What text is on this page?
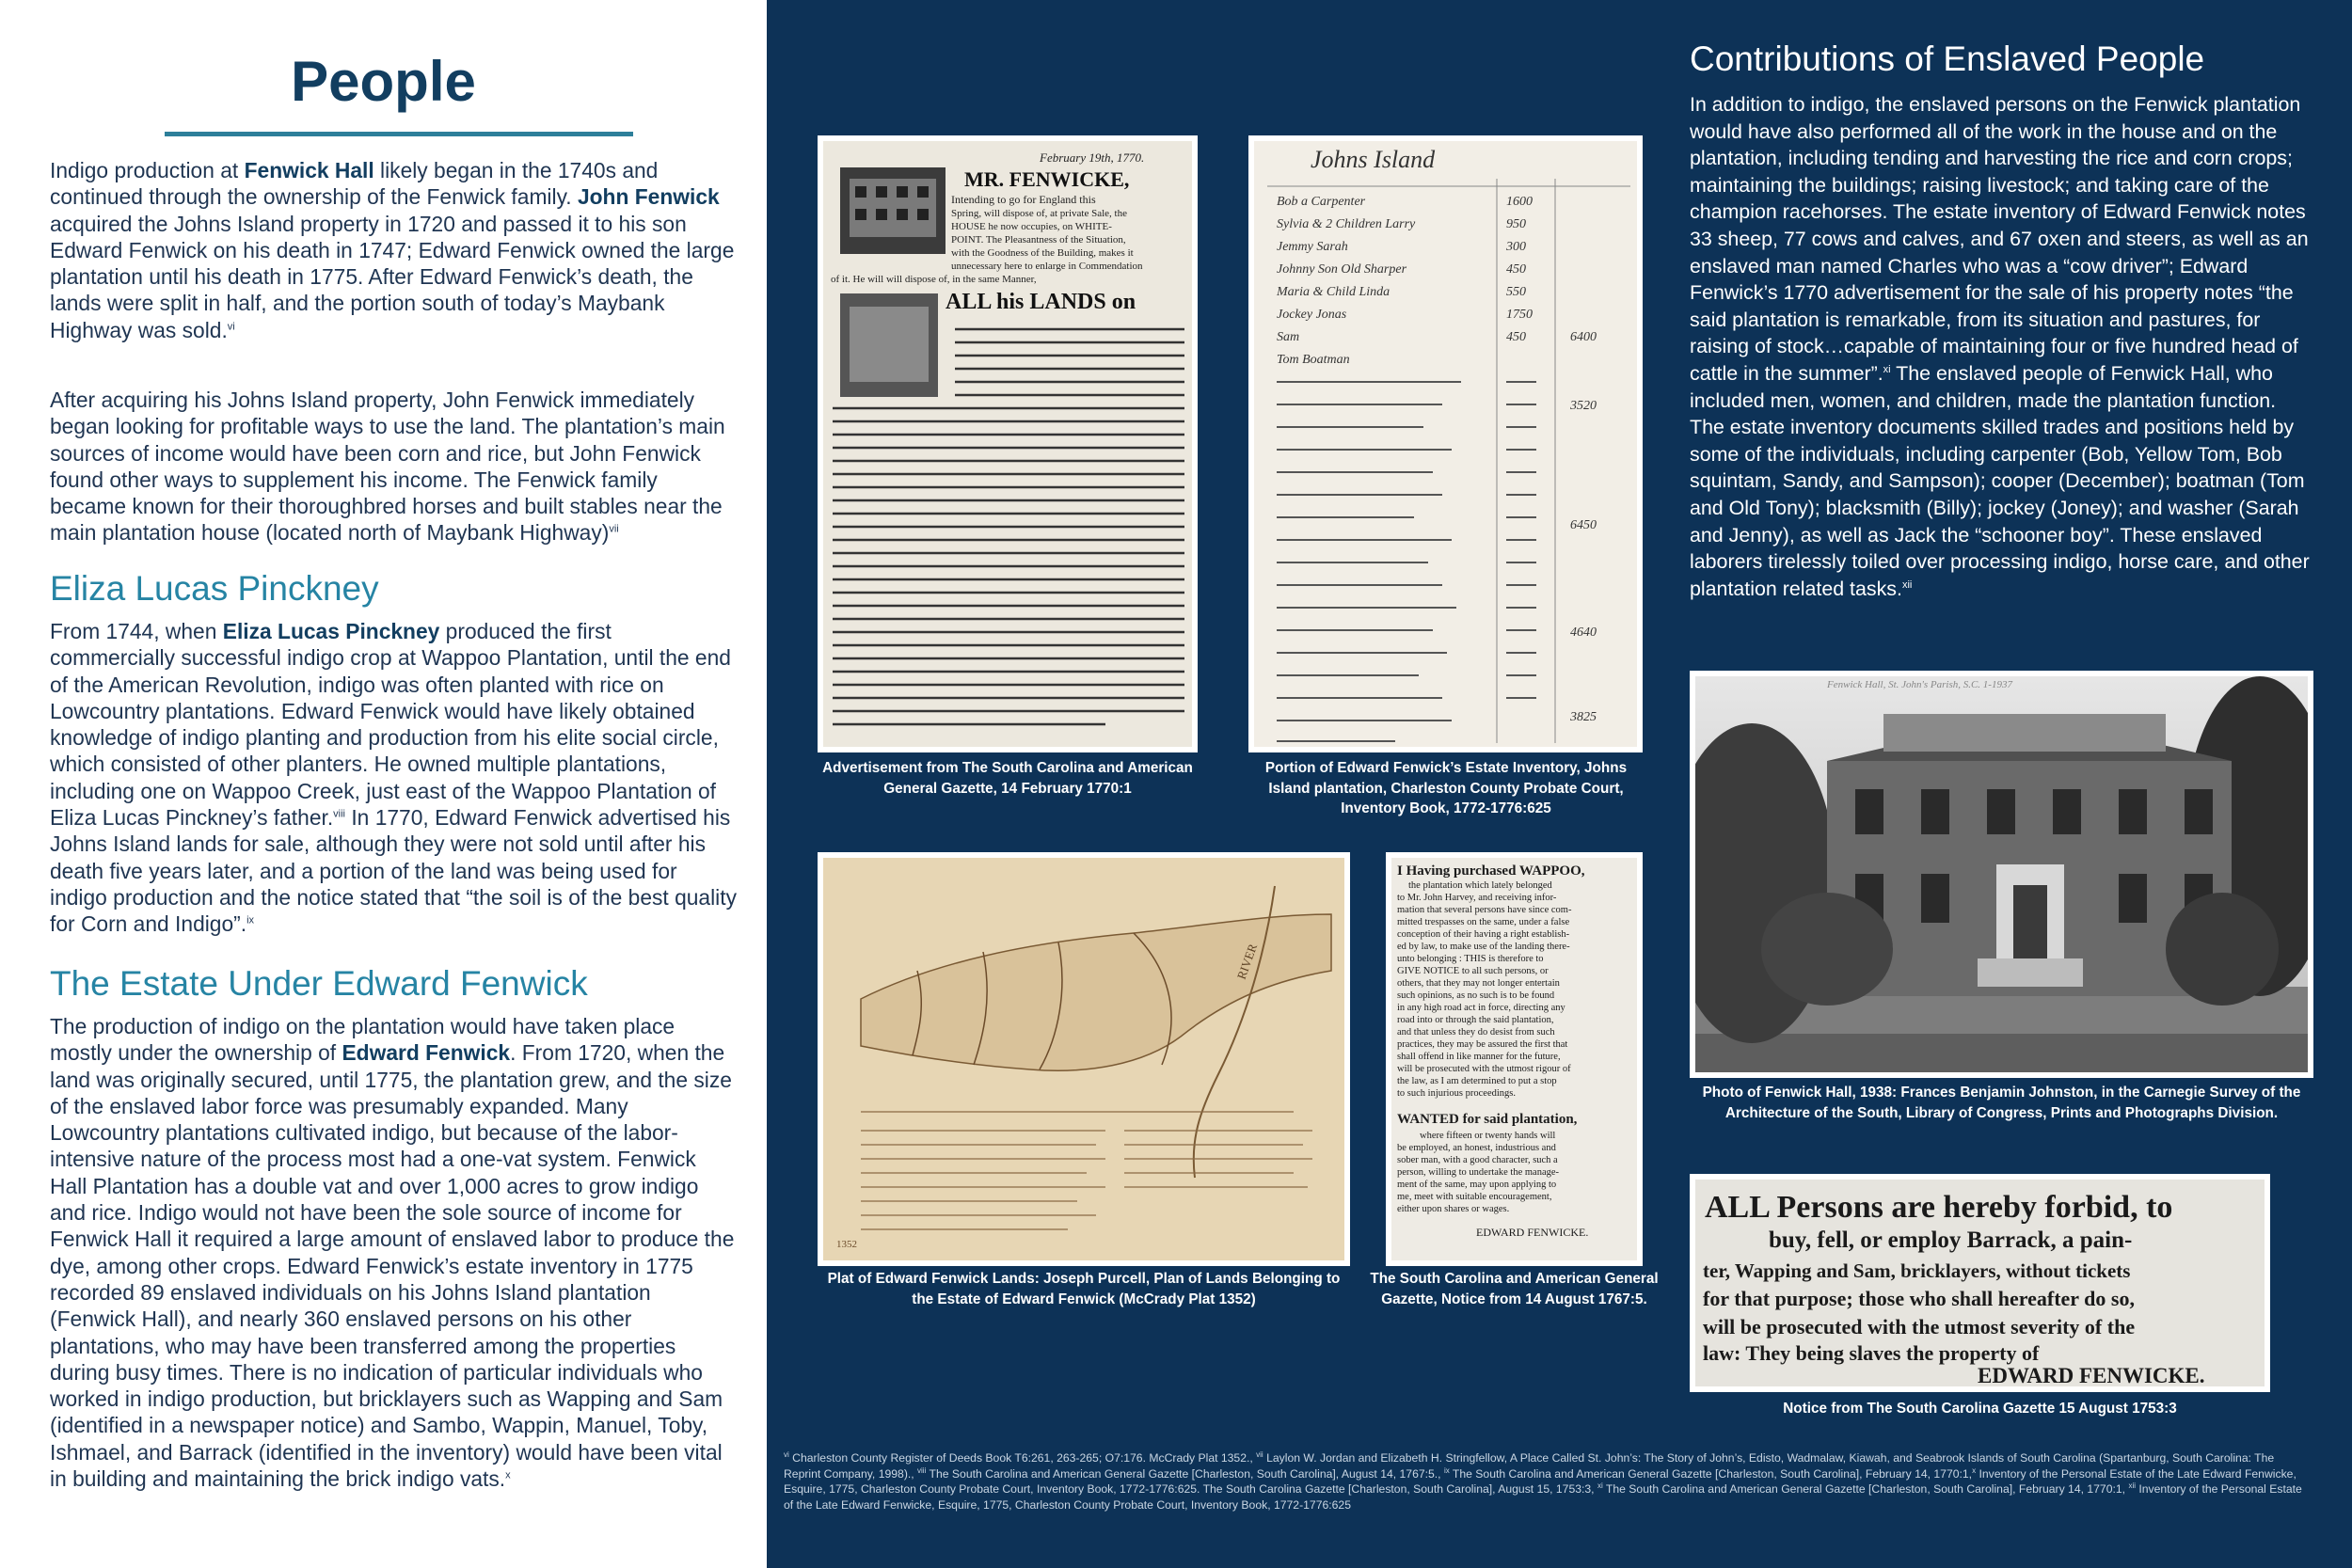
People

Indigo production at Fenwick Hall likely began in the 1740s and continued through the ownership of the Fenwick family. John Fenwick acquired the Johns Island property in 1720 and passed it to his son Edward Fenwick on his death in 1747; Edward Fenwick owned the large plantation until his death in 1775. After Edward Fenwick’s death, the lands were split in half, and the portion south of today’s Maybank Highway was sold.$^{vi}$

After acquiring his Johns Island property, John Fenwick immediately began looking for profitable ways to use the land. The plantation’s main sources of income would have been corn and rice, but John Fenwick found other ways to supplement his income. The Fenwick family became known for their thoroughbred horses and built stables near the main plantation house (located north of Maybank Highway)$^{vii}$

Eliza Lucas Pinckney

From 1744, when Eliza Lucas Pinckney produced the first commercially successful indigo crop at Wappoo Plantation, until the end of the American Revolution, indigo was often planted with rice on Lowcountry plantations. Edward Fenwick would have likely obtained knowledge of indigo planting and production from his elite social circle, which consisted of other planters. He owned multiple plantations, including one on Wappoo Creek, just east of the Wappoo Plantation of Eliza Lucas Pinckney’s father.$^{viii}$ In 1770, Edward Fenwick advertised his Johns Island lands for sale, although they were not sold until after his death five years later, and a portion of the land was being used for indigo production and the notice stated that “the soil is of the best quality for Corn and Indigo”.$^{ix}$

The Estate Under Edward Fenwick

The production of indigo on the plantation would have taken place mostly under the ownership of Edward Fenwick. From 1720, when the land was originally secured, until 1775, the plantation grew, and the size of the enslaved labor force was presumably expanded. Many Lowcountry plantations cultivated indigo, but because of the labor-intensive nature of the process most had a one-vat system. Fenwick Hall Plantation has a double vat and over 1,000 acres to grow indigo and rice. Indigo would not have been the sole source of income for Fenwick Hall it required a large amount of enslaved labor to produce the dye, among other crops. Edward Fenwick’s estate inventory in 1775 recorded 89 enslaved individuals on his Johns Island plantation (Fenwick Hall), and nearly 360 enslaved persons on his other plantations, who may have been transferred among the properties during busy times. There is no indication of particular individuals who worked in indigo production, but bricklayers such as Wapping and Sam (identified in a newspaper notice) and Sambo, Wappin, Manuel, Toby, Ishmael, and Barrack (identified in the inventory) would have been vital in building and maintaining the brick indigo vats.$^x$

February 19th, 1770.
MR. FENWICKE,
Intending to go for England this
Spring, will dispose of, at private Sale, the
HOUSE he now occupies, on WHITE-
POINT. The Pleasantness of the Situation,
with the Goodness of the Building, makes it
unnecessary here to enlarge in Commendation
of it. He will will dispose of, in the same Manner,
ALL his LANDS on

Advertisement from The South Carolina and American General Gazette, 14 February 1770:1

Johns Island
Bob a Carpenter
Sylvia & 2 Children Larry
Jemmy Sarah
Johnny Son Old Sharper
Maria & Child Linda
Jockey Jonas
Sam
Tom Boatman
1600
950
300
450
550
1750
450	6400
3520
6450
4640
3825

Portion of Edward Fenwick’s Estate Inventory, Johns Island plantation, Charleston County Probate Court, Inventory Book, 1772-1776:625

RIVER
1352

Plat of Edward Fenwick Lands: Joseph Purcell, Plan of Lands Belonging to the Estate of Edward Fenwick (McCrady Plat 1352)

I Having purchased WAPPOO,
the plantation which lately belonged
to Mr. John Harvey, and receiving infor-
mation that several persons have since com-
mitted trespasses on the same, under a false
conception of their having a right establish-
ed by law, to make use of the landing there-
unto belonging : THIS is therefore to
GIVE NOTICE to all such persons, or
others, that they may not longer entertain
such opinions, as no such is to be found
in any high road act in force, directing any
road into or through the said plantation,
and that unless they do desist from such
practices, they may be assured the first that
shall offend in like manner for the future,
will be prosecuted with the utmost rigour of
the law, as I am determined to put a stop
to such injurious proceedings.
WANTED for said plantation,
where fifteen or twenty hands will
be employed, an honest, industrious and
sober man, with a good character, such a
person, willing to undertake the manage-
ment of the same, may upon applying to
me, meet with suitable encouragement,
either upon shares or wages.
EDWARD FENWICKE.

The South Carolina and American General Gazette, Notice from 14 August 1767:5.

Contributions of Enslaved People

In addition to indigo, the enslaved persons on the Fenwick plantation would have also performed all of the work in the house and on the plantation, including tending and harvesting the rice and corn crops; maintaining the buildings; raising livestock; and taking care of the champion racehorses. The estate inventory of Edward Fenwick notes 33 sheep, 77 cows and calves, and 67 oxen and steers, as well as an enslaved man named Charles who was a “cow driver”; Edward Fenwick’s 1770 advertisement for the sale of his property notes “the said plantation is remarkable, from its situation and pastures, for raising of stock…capable of maintaining four or five hundred head of cattle in the summer”.$^{xi}$ The enslaved people of Fenwick Hall, who included men, women, and children, made the plantation function. The estate inventory documents skilled trades and positions held by some of the individuals, including carpenter (Bob, Yellow Tom, Bob squintam, Sandy, and Sampson); cooper (December); boatman (Tom and Old Tony); blacksmith (Billy); jockey (Joney); and washer (Sarah and Jenny), as well as Jack the “schooner boy”. These enslaved laborers tirelessly toiled over processing indigo, horse care, and other plantation related tasks.$^{xii}$

Fenwick Hall, St. John's Parish, S.C. 1-1937

Photo of Fenwick Hall, 1938: Frances Benjamin Johnston, in the Carnegie Survey of the Architecture of the South, Library of Congress, Prints and Photographs Division.

ALL Persons are hereby forbid, to
buy, fell, or employ Barrack, a pain-
ter, Wapping and Sam, bricklayers, without tickets
for that purpose; those who shall hereafter do so,
will be prosecuted with the utmost severity of the
law: They being slaves the property of
EDWARD FENWICKE.

Notice from The South Carolina Gazette 15 August 1753:3

$^{vi}$ Charleston County Register of Deeds Book T6:261, 263-265; O7:176. McCrady Plat 1352., $^{vii}$ Laylon W. Jordan and Elizabeth H. Stringfellow, A Place Called St. John’s: The Story of John’s, Edisto, Wadmalaw, Kiawah, and Seabrook Islands of South Carolina (Spartanburg, South Carolina: The Reprint Company, 1998)., $^{viii}$ The South Carolina and American General Gazette [Charleston, South Carolina], August 14, 1767:5., $^{ix}$ The South Carolina and American General Gazette [Charleston, South Carolina], February 14, 1770:1,$^x$ Inventory of the Personal Estate of the Late Edward Fenwicke, Esquire, 1775, Charleston County Probate Court, Inventory Book, 1772-1776:625. The South Carolina Gazette [Charleston, South Carolina], August 15, 1753:3, $^{xi}$ The South Carolina and American General Gazette [Charleston, South Carolina], February 14, 1770:1, $^{xii}$ Inventory of the Personal Estate of the Late Edward Fenwicke, Esquire, 1775, Charleston County Probate Court, Inventory Book, 1772-1776:625
